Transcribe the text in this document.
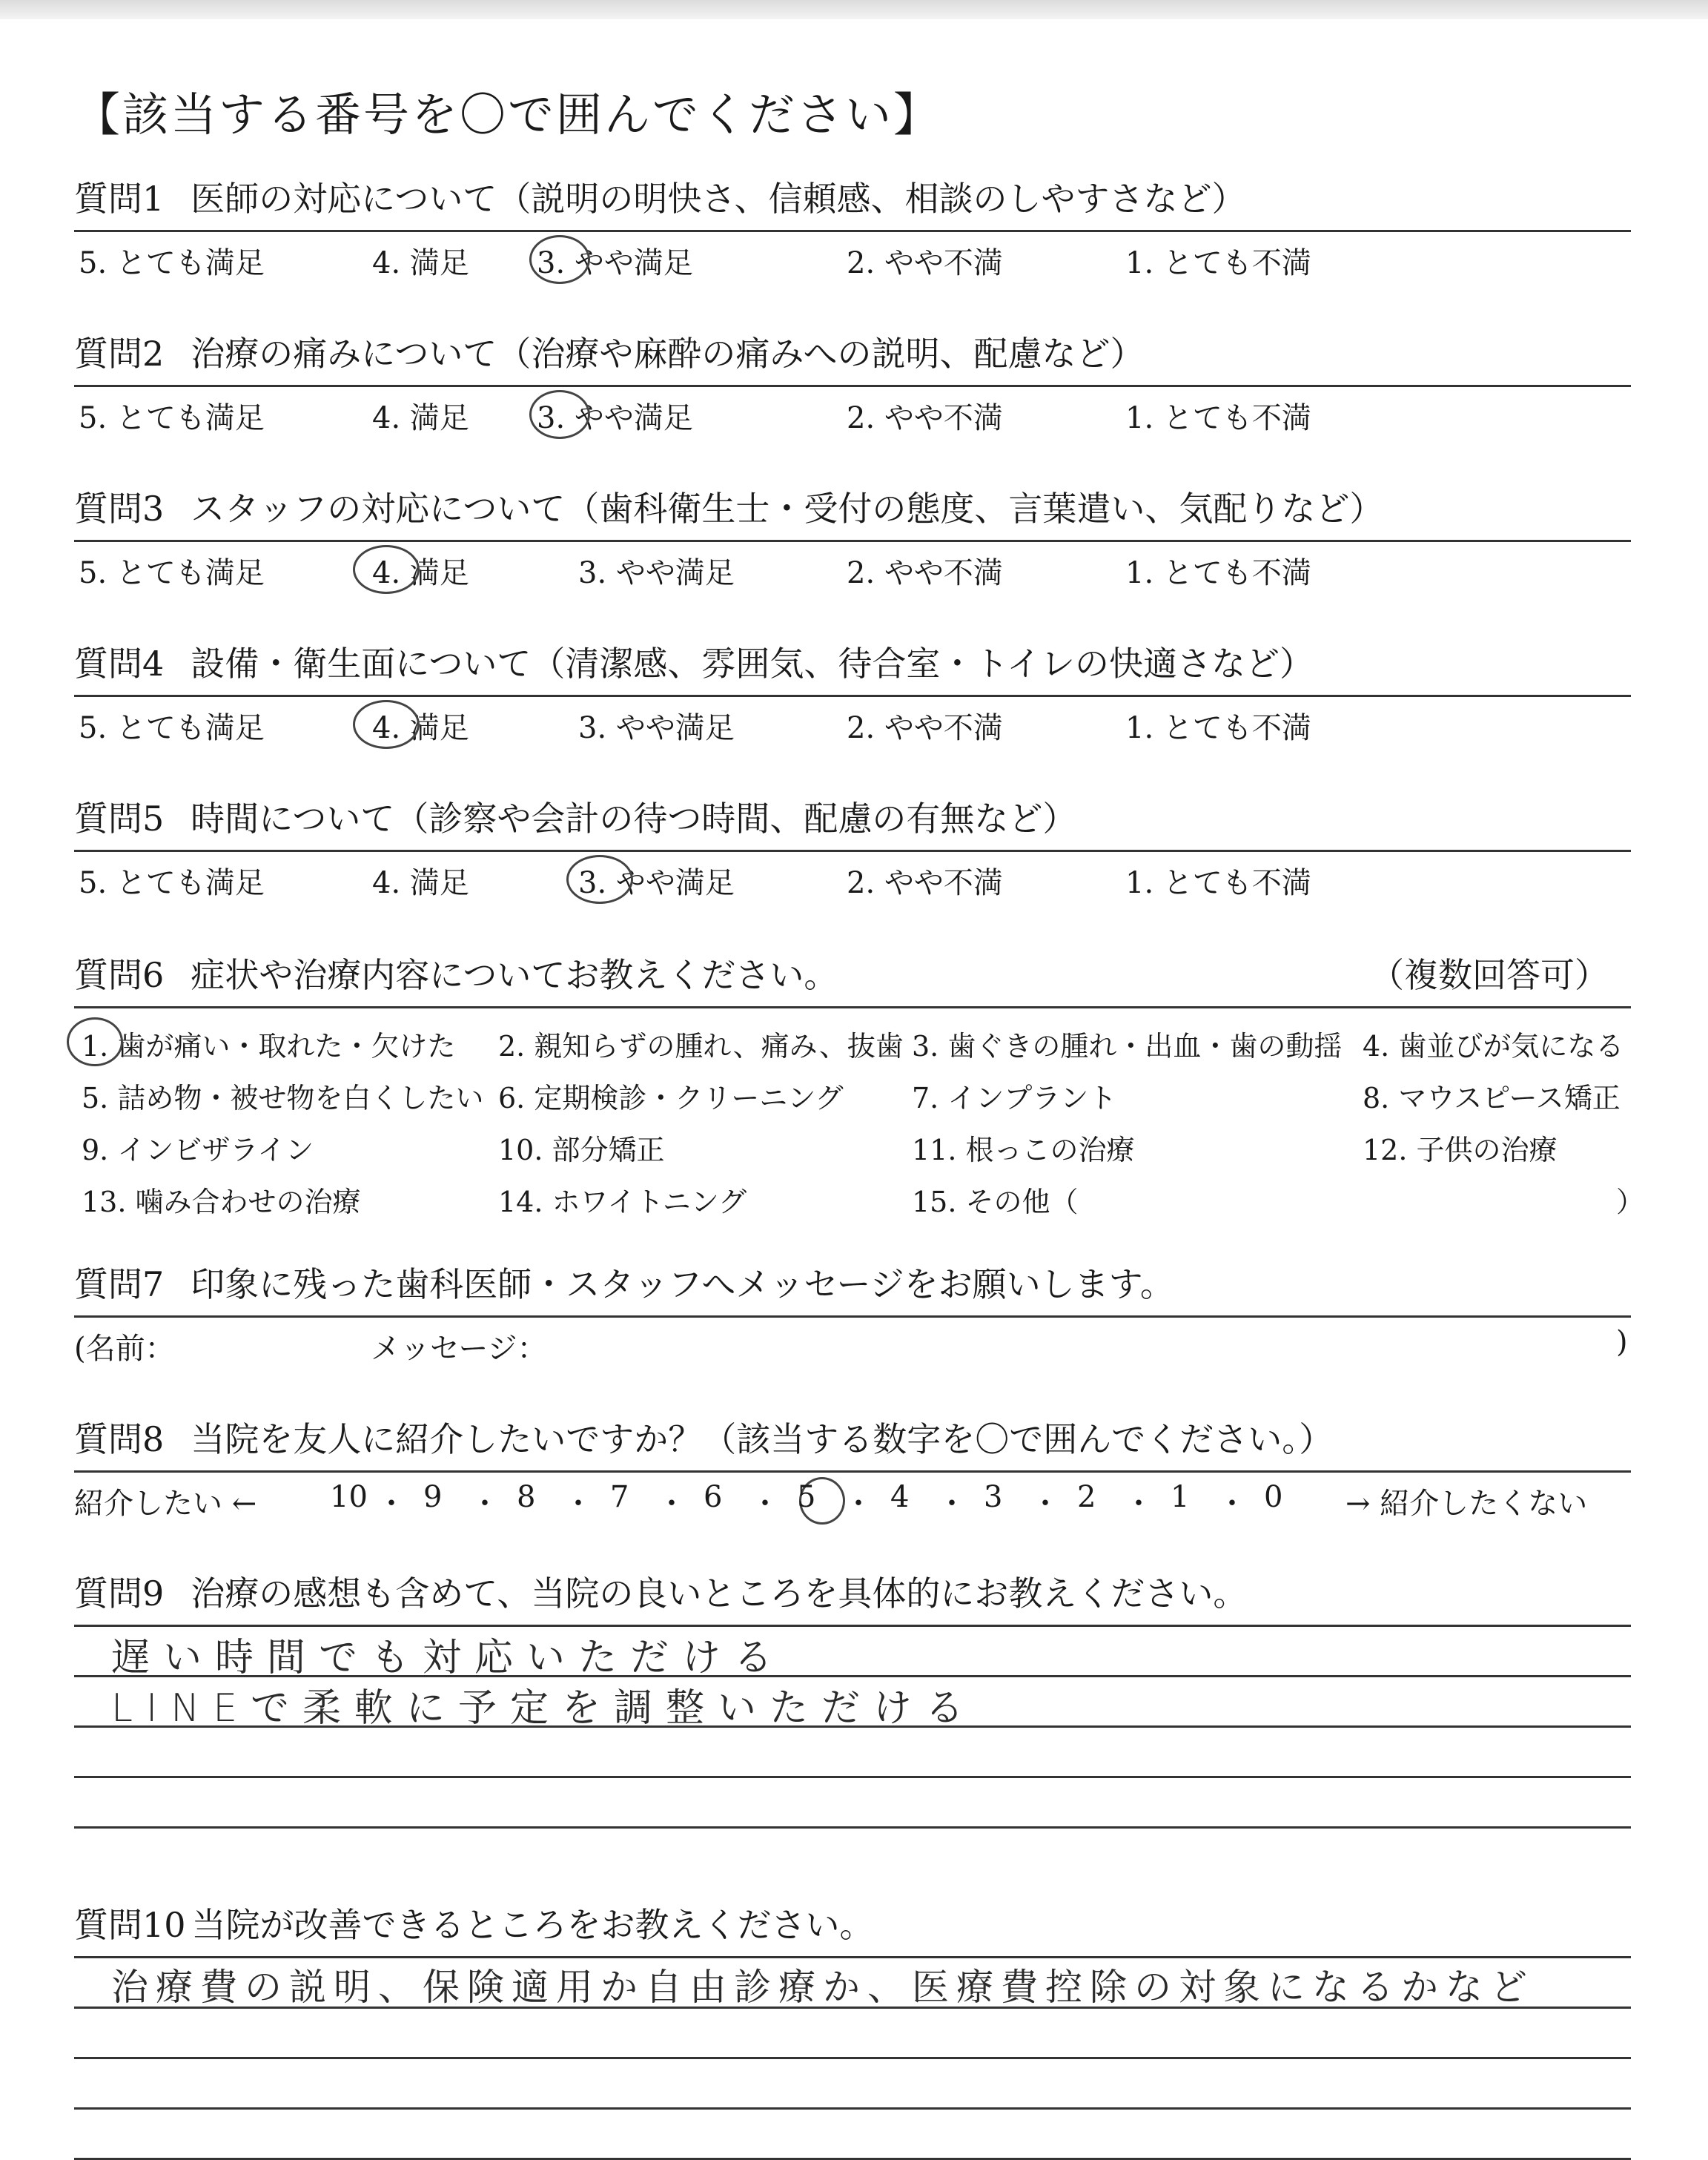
【該当する番号を〇で囲んでください】
質問1 医師の対応について（説明の明快さ、信頼感、相談のしやすさなど）
5. とても満足	4. 満足 3. やや満足	2. やや不満	1. とても不満
質問2 治療の痛みについて（治療や麻酔の痛みへの説明、配慮など）
5. とても満足	4. 満足 3. やや満足	2. やや不満	1. とても不満
質問3 スタッフの対応について（歯科衛生士・受付の態度、言葉遣い、気配りなど）
5. とても満足	4. 満足	3. やや満足	2. やや不満	1. とても不満
質問4 設備・衛生面について（清潔感、雰囲気、待合室・トイレの快適さなど）
5. とても満足	4. 満足	3. やや満足	2. やや不満	1. とても不満
質問5 時間について（診察や会計の待つ時間、配慮の有無など）
5. とても満足	4. 満足	3. やや満足	2. やや不満	1. とても不満
質問6 症状や治療内容についてお教えください。	（複数回答可）
1. 歯が痛い・取れた・欠けた 2. 親知らずの腫れ、痛み、抜歯 3. 歯ぐきの腫れ・出血・歯の動揺 4. 歯並びが気になる
5. 詰め物・被せ物を白くしたい 6. 定期検診・クリーニング 7. インプラント	8. マウスピース矯正
9. インビザライン	10. 部分矯正	11. 根っこの治療	12. 子供の治療
13. 噛み合わせの治療	14. ホワイトニング	15. その他（	）
質問7 印象に残った歯科医師・スタッフへメッセージをお願いします。
(名前：	メッセージ：	)
質問8 当院を友人に紹介したいですか？（該当する数字を〇で囲んでください。）
紹介したい ←	→ 紹介したくない
10 ・ 9 ・ 8 ・ 7 ・ 6 ・ 5 ・ 4 ・ 3 ・ 2 ・ 1 ・ 0
質問9 治療の感想も含めて、当院の良いところを具体的にお教えください。
遅い時間でも対応いただける
LINEで柔軟に予定を調整いただける
質問10 当院が改善できるところをお教えください。
治療費の説明、保険適用か自由診療か、医療費控除の対象になるかなど
